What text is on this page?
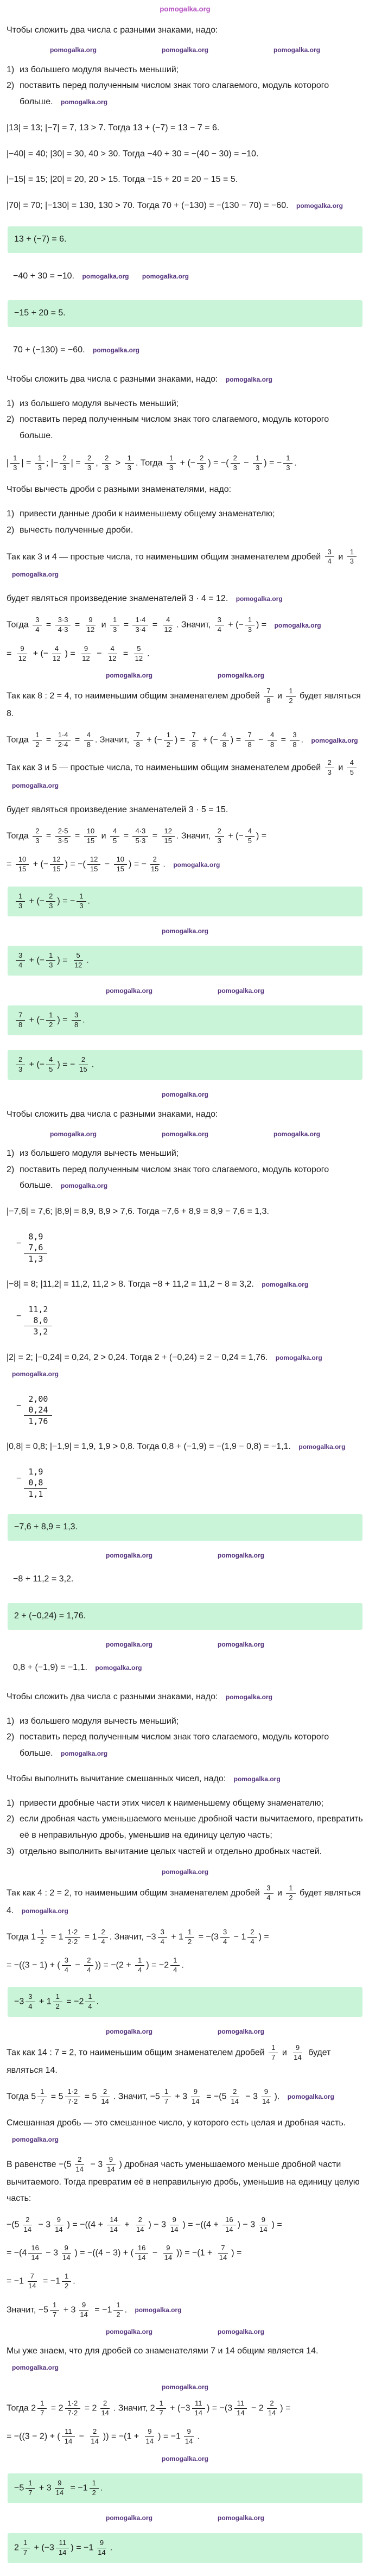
pomogalka.org
Чтобы сложить два числа с разными знаками, надо:
pomogalka.org	pomogalka.org	pomogalka.org
1) из большего модуля вычесть меньший;
2) поставить перед полученным числом знак того слагаемого, модуль которого больше. pomogalka.org
|13| = 13; |−7| = 7, 13 > 7. Тогда 13 + (−7) = 13 − 7 = 6.
|−40| = 40; |30| = 30, 40 > 30. Тогда −40 + 30 = −(40 − 30) = −10.
|−15| = 15; |20| = 20, 20 > 15. Тогда −15 + 20 = 20 − 15 = 5.
|70| = 70; |−130| = 130, 130 > 70. Тогда 70 + (−130) = −(130 − 70) = −60. pomogalka.org
13 + (−7) = 6.
−40 + 30 = −10. pomogalka.org pomogalka.org
−15 + 20 = 5.
70 + (−130) = −60. pomogalka.org
Чтобы сложить два числа с разными знаками, надо: pomogalka.org
1) из большего модуля вычесть меньший;
2) поставить перед полученным числом знак того слагаемого, модуль которого больше.
| $\frac{1}{3}$ | = $\frac{1}{3}$ ; |− $\frac{2}{3}$ | = $\frac{2}{3}$ , $\frac{2}{3} > \frac{1}{3}$ . Тогда $\frac{1}{3}$ + (− $\frac{2}{3}$ ) = −( $\frac{2}{3} - \frac{1}{3}$ ) = − $\frac{1}{3}$ .
Чтобы вычесть дроби с разными знаменателями, надо:
1) привести данные дроби к наименьшему общему знаменателю;
2) вычесть полученные дроби.
Так как 3 и 4 — простые числа, то наименьшим общим знаменателем дробей $\frac{3}{4}$ и $\frac{1}{3}$
pomogalka.org
будет являться произведение знаменателей 3 · 4 = 12. pomogalka.org
Тогда $\frac{3}{4} = \frac{3\cdot 3}{4\cdot 3} = \frac{9}{12}$ и $\frac{1}{3} = \frac{1\cdot 4}{3\cdot 4} = \frac{4}{12}$ . Значит, $\frac{3}{4}$ + (− $\frac{1}{3}$ ) = pomogalka.org
= $\frac{9}{12}$ + (− $\frac{4}{12}$ ) = $\frac{9}{12} - \frac{4}{12} = \frac{5}{12}$ .
pomogalka.org	pomogalka.org
Так как 8 : 2 = 4, то наименьшим общим знаменателем дробей $\frac{7}{8}$ и $\frac{1}{2}$ будет являться 8.
Тогда $\frac{1}{2} = \frac{1\cdot 4}{2\cdot 4} = \frac{4}{8}$ . Значит, $\frac{7}{8}$ + (− $\frac{1}{2}$ ) = $\frac{7}{8}$ + (− $\frac{4}{8}$ ) = $\frac{7}{8} - \frac{4}{8} = \frac{3}{8}$ . pomogalka.org
Так как 3 и 5 — простые числа, то наименьшим общим знаменателем дробей $\frac{2}{3}$ и $\frac{4}{5}$
pomogalka.org
будет являться произведение знаменателей 3 · 5 = 15.
Тогда $\frac{2}{3} = \frac{2\cdot 5}{3\cdot 5} = \frac{10}{15}$ и $\frac{4}{5} = \frac{4\cdot 3}{5\cdot 3} = \frac{12}{15}$ . Значит, $\frac{2}{3}$ + (− $\frac{4}{5}$ ) =
= $\frac{10}{15}$ + (− $\frac{12}{15}$ ) = −( $\frac{12}{15} - \frac{10}{15}$ ) = − $\frac{2}{15}$ . pomogalka.org
$\frac{1}{3}$ + (− $\frac{2}{3}$ ) = − $\frac{1}{3}$ .
pomogalka.org
$\frac{3}{4}$ + (− $\frac{1}{3}$ ) = $\frac{5}{12}$ .
pomogalka.org	pomogalka.org
$\frac{7}{8}$ + (− $\frac{1}{2}$ ) = $\frac{3}{8}$ .
$\frac{2}{3}$ + (− $\frac{4}{5}$ ) = − $\frac{2}{15}$ .
pomogalka.org
Чтобы сложить два числа с разными знаками, надо:
pomogalka.org	pomogalka.org	pomogalka.org
1) из большего модуля вычесть меньший;
2) поставить перед полученным числом знак того слагаемого, модуль которого больше. pomogalka.org
|−7,6| = 7,6; |8,9| = 8,9, 8,9 > 7,6. Тогда −7,6 + 8,9 = 8,9 − 7,6 = 1,3.
−
8,9
7,6
1,3
|−8| = 8; |11,2| = 11,2, 11,2 > 8. Тогда −8 + 11,2 = 11,2 − 8 = 3,2. pomogalka.org
−
11,2
8,0
3,2
|2| = 2; |−0,24| = 0,24, 2 > 0,24. Тогда 2 + (−0,24) = 2 − 0,24 = 1,76. pomogalka.org pomogalka.org
−
2,00
0,24
1,76
|0,8| = 0,8; |−1,9| = 1,9, 1,9 > 0,8. Тогда 0,8 + (−1,9) = −(1,9 − 0,8) = −1,1. pomogalka.org
−
1,9
0,8
1,1
−7,6 + 8,9 = 1,3.
pomogalka.org	pomogalka.org
−8 + 11,2 = 3,2.
2 + (−0,24) = 1,76.
pomogalka.org	pomogalka.org
0,8 + (−1,9) = −1,1. pomogalka.org
Чтобы сложить два числа с разными знаками, надо: pomogalka.org
1) из большего модуля вычесть меньший;
2) поставить перед полученным числом знак того слагаемого, модуль которого больше. pomogalka.org
Чтобы выполнить вычитание смешанных чисел, надо: pomogalka.org
1) привести дробные части этих чисел к наименьшему общему знаменателю;
2) если дробная часть уменьшаемого меньше дробной части вычитаемого, превратить её в неправильную дробь, уменьшив на единицу целую часть;
3) отдельно выполнить вычитание целых частей и отдельно дробных частей.
pomogalka.org
Так как 4 : 2 = 2, то наименьшим общим знаменателем дробей $\frac{3}{4}$ и $\frac{1}{2}$ будет являться 4. pomogalka.org
Тогда $1 \frac{1}{2} = 1 \frac{1\cdot 2}{2\cdot 2} = 1 \frac{2}{4}$ . Значит, $-3 \frac{3}{4} + 1 \frac{1}{2} = -(3 \frac{3}{4} - 1 \frac{2}{4}$ ) =
= −((3 − 1) + ( $\frac{3}{4} - \frac{2}{4}$ )) = $-(2 + \frac{1}{4}$ ) = $-2 \frac{1}{4}$ .
$-3 \frac{3}{4} + 1 \frac{1}{2} = -2 \frac{1}{4}$ .
pomogalka.org	pomogalka.org
Так как 14 : 7 = 2, то наименьшим общим знаменателем дробей $\frac{1}{7}$ и $\frac{9}{14}$ будет являться 14.
Тогда $5 \frac{1}{7} = 5 \frac{1\cdot 2}{7\cdot 2} = 5 \frac{2}{14}$ . Значит, $-5 \frac{1}{7} + 3 \frac{9}{14} = -(5 \frac{2}{14} - 3 \frac{9}{14}$ ). pomogalka.org
Смешанная дробь — это смешанное число, у которого есть целая и дробная часть. pomogalka.org
В равенстве $-(5 \frac{2}{14} - 3 \frac{9}{14}$ ) дробная часть уменьшаемого меньше дробной части вычитаемого. Тогда превратим её в неправильную дробь, уменьшив на единицу целую часть:
$-(5 \frac{2}{14} - 3 \frac{9}{14}$ ) = $-((4 + \frac{14}{14} + \frac{2}{14}$ ) − $3 \frac{9}{14}$ ) = $-((4 + \frac{16}{14}$ ) − $3 \frac{9}{14}$ ) =
= $-(4 \frac{16}{14} - 3 \frac{9}{14}$ ) = −((4 − 3) + ( $\frac{16}{14} - \frac{9}{14}$ )) = $-(1 + \frac{7}{14}$ ) =
= $-1 \frac{7}{14} = -1 \frac{1}{2}$ .
Значит, $-5 \frac{1}{7} + 3 \frac{9}{14} = -1 \frac{1}{2}$ . pomogalka.org
pomogalka.org	pomogalka.org
Мы уже знаем, что для дробей со знаменателями 7 и 14 общим является 14. pomogalka.org
pomogalka.org
Тогда $2 \frac{1}{7} = 2 \frac{1\cdot 2}{7\cdot 2} = 2 \frac{2}{14}$ . Значит, $2 \frac{1}{7} + (-3 \frac{11}{14}$ ) = $-(3 \frac{11}{14} - 2 \frac{2}{14}$ ) =
= −((3 − 2) + ( $\frac{11}{14} - \frac{2}{14}$ )) = $-(1 + \frac{9}{14}$ ) = $-1 \frac{9}{14}$ .
pomogalka.org
$-5 \frac{1}{7} + 3 \frac{9}{14} = -1 \frac{1}{2}$ .
pomogalka.org	pomogalka.org
$2 \frac{1}{7} + (-3 \frac{11}{14}$ ) = $-1 \frac{9}{14}$ .
